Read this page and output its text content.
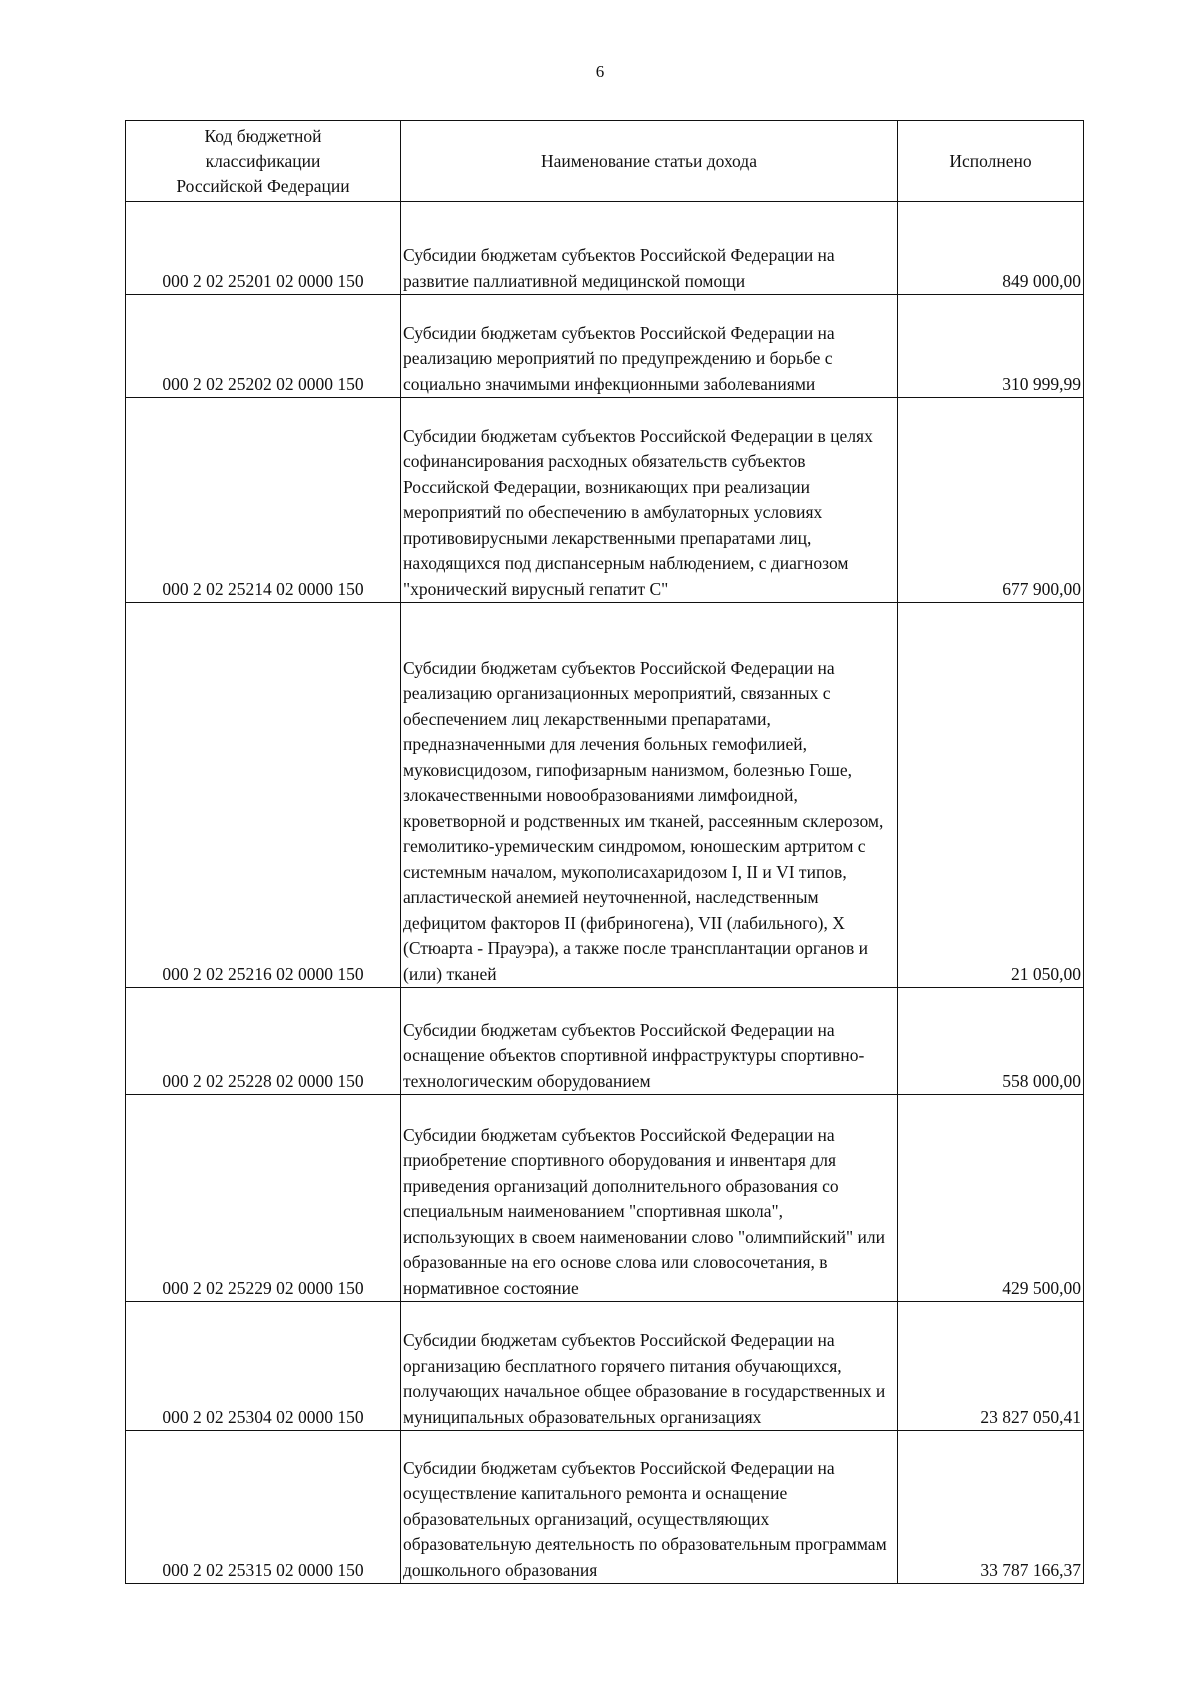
6
Код бюджетной классификации Российской Федерации	Наименование статьи дохода	Исполнено
000 2 02 25201 02 0000 150	Субсидии бюджетам субъектов Российской Федерации на развитие паллиативной медицинской помощи	849 000,00
000 2 02 25202 02 0000 150	Субсидии бюджетам субъектов Российской Федерации на реализацию мероприятий по предупреждению и борьбе с социально значимыми инфекционными заболеваниями	310 999,99
000 2 02 25214 02 0000 150	Субсидии бюджетам субъектов Российской Федерации в целях софинансирования расходных обязательств субъектов Российской Федерации, возникающих при реализации мероприятий по обеспечению в амбулаторных условиях противовирусными лекарственными препаратами лиц, находящихся под диспансерным наблюдением, с диагнозом "хронический вирусный гепатит С"	677 900,00
000 2 02 25216 02 0000 150	Субсидии бюджетам субъектов Российской Федерации на реализацию организационных мероприятий, связанных с обеспечением лиц лекарственными препаратами, предназначенными для лечения больных гемофилией, муковисцидозом, гипофизарным нанизмом, болезнью Гоше, злокачественными новообразованиями лимфоидной, кроветворной и родственных им тканей, рассеянным склерозом, гемолитико-уремическим синдромом, юношеским артритом с системным началом, мукополисахаридозом I, II и VI типов, апластической анемией неуточненной, наследственным дефицитом факторов II (фибриногена), VII (лабильного), X (Стюарта - Прауэра), а также после трансплантации органов и (или) тканей	21 050,00
000 2 02 25228 02 0000 150	Субсидии бюджетам субъектов Российской Федерации на оснащение объектов спортивной инфраструктуры спортивно-технологическим оборудованием	558 000,00
000 2 02 25229 02 0000 150	Субсидии бюджетам субъектов Российской Федерации на приобретение спортивного оборудования и инвентаря для приведения организаций дополнительного образования со специальным наименованием "спортивная школа", использующих в своем наименовании слово "олимпийский" или образованные на его основе слова или словосочетания, в нормативное состояние	429 500,00
000 2 02 25304 02 0000 150	Субсидии бюджетам субъектов Российской Федерации на организацию бесплатного горячего питания обучающихся, получающих начальное общее образование в государственных и муниципальных образовательных организациях	23 827 050,41
000 2 02 25315 02 0000 150	Субсидии бюджетам субъектов Российской Федерации на осуществление капитального ремонта и оснащение образовательных организаций, осуществляющих образовательную деятельность по образовательным программам дошкольного образования	33 787 166,37
